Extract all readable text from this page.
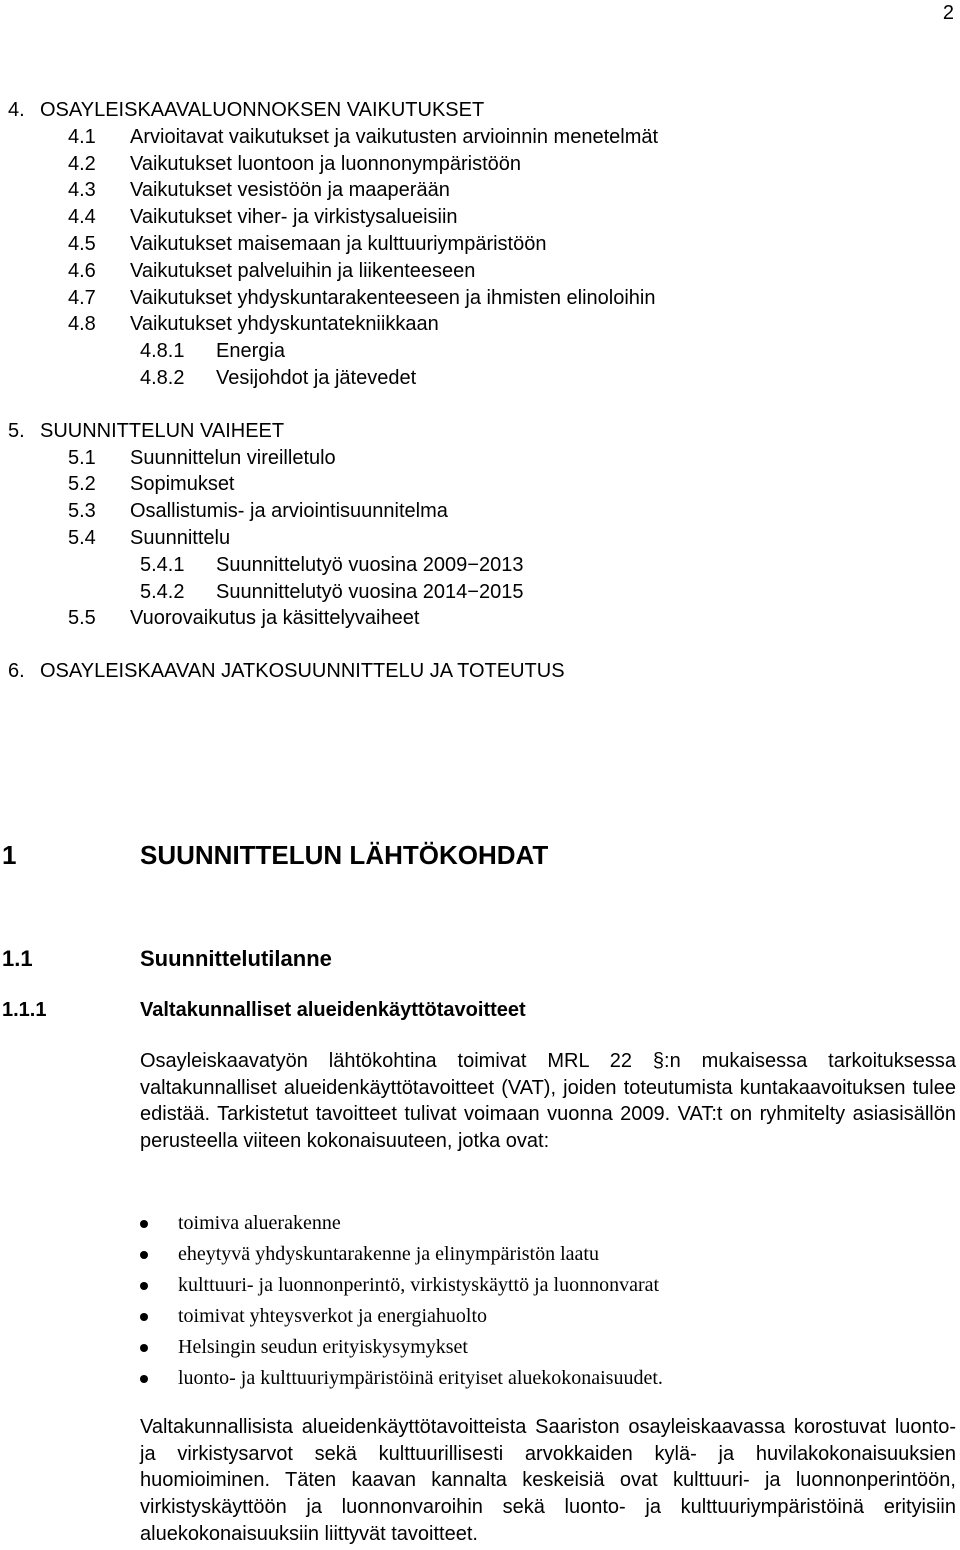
2
4. OSAYLEISKAAVALUONNOKSEN VAIKUTUKSET
4.1 Arvioitavat vaikutukset ja vaikutusten arvioinnin menetelmät
4.2 Vaikutukset luontoon ja luonnonympäristöön
4.3 Vaikutukset vesistöön ja maaperään
4.4 Vaikutukset viher- ja virkistysalueisiin
4.5 Vaikutukset maisemaan ja kulttuuriympäristöön
4.6 Vaikutukset palveluihin ja liikenteeseen
4.7 Vaikutukset yhdyskuntarakenteeseen ja ihmisten elinoloihin
4.8 Vaikutukset yhdyskuntatekniikkaan
4.8.1 Energia
4.8.2 Vesijohdot ja jätevedet
5. SUUNNITTELUN VAIHEET
5.1 Suunnittelun vireilletulo
5.2 Sopimukset
5.3 Osallistumis- ja arviointisuunnitelma
5.4 Suunnittelu
5.4.1 Suunnittelutyö vuosina 2009−2013
5.4.2 Suunnittelutyö vuosina 2014−2015
5.5 Vuorovaikutus ja käsittelyvaiheet
6. OSAYLEISKAAVAN JATKOSUUNNITTELU JA TOTEUTUS
1	SUUNNITTELUN LÄHTÖKOHDAT
1.1	Suunnittelutilanne
1.1.1	Valtakunnalliset alueidenkäyttötavoitteet
Osayleiskaavatyön lähtökohtina toimivat MRL 22 §:n mukaisessa tarkoituksessa valtakunnalliset alueidenkäyttötavoitteet (VAT), joiden toteutumista kuntakaavoituksen tulee edistää. Tarkistetut tavoitteet tulivat voimaan vuonna 2009. VAT:t on ryhmitelty asiasisällön perusteella viiteen kokonaisuuteen, jotka ovat:
toimiva aluerakenne
eheytyvä yhdyskuntarakenne ja elinympäristön laatu
kulttuuri- ja luonnonperintö, virkistyskäyttö ja luonnonvarat
toimivat yhteysverkot ja energiahuolto
Helsingin seudun erityiskysymykset
luonto- ja kulttuuriympäristöinä erityiset aluekokonaisuudet.
Valtakunnallisista alueidenkäyttötavoitteista Saariston osayleiskaavassa korostuvat luonto- ja virkistysarvot sekä kulttuurillisesti arvokkaiden kylä- ja huvilakokonaisuuksien huomioiminen. Täten kaavan kannalta keskeisiä ovat kulttuuri- ja luonnonperintöön, virkistyskäyttöön ja luonnonvaroihin sekä luonto- ja kulttuuriympäristöinä erityisiin aluekokonaisuuksiin liittyvät tavoitteet.
